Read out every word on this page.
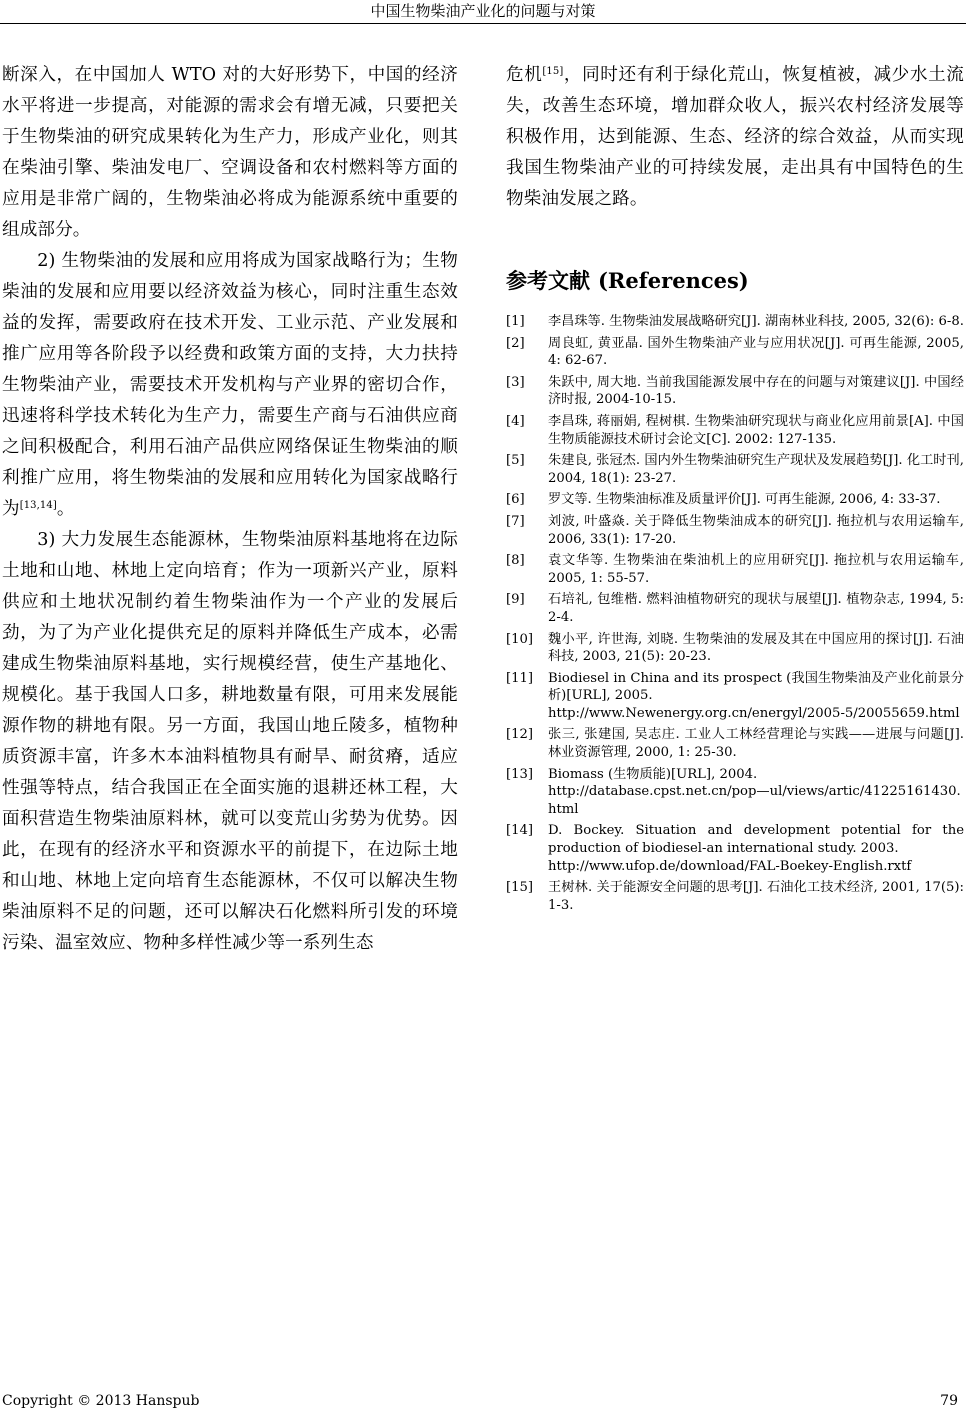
中国生物柴油产业化的问题与对策

断深入，在中国加人 WTO 对的大好形势下，中国的经济水平将进一步提高，对能源的需求会有增无减，只要把关于生物柴油的研究成果转化为生产力，形成产业化，则其在柴油引擎、柴油发电厂、空调设备和农村燃料等方面的应用是非常广阔的，生物柴油必将成为能源系统中重要的组成部分。

2) 生物柴油的发展和应用将成为国家战略行为；生物柴油的发展和应用要以经济效益为核心，同时注重生态效益的发挥，需要政府在技术开发、工业示范、产业发展和推广应用等各阶段予以经费和政策方面的支持，大力扶持生物柴油产业，需要技术开发机构与产业界的密切合作，迅速将科学技术转化为生产力，需要生产商与石油供应商之间积极配合，利用石油产品供应网络保证生物柴油的顺利推广应用，将生物柴油的发展和应用转化为国家战略行为[13,14]。

3) 大力发展生态能源林，生物柴油原料基地将在边际土地和山地、林地上定向培育；作为一项新兴产业，原料供应和土地状况制约着生物柴油作为一个产业的发展后劲，为了为产业化提供充足的原料并降低生产成本，必需建成生物柴油原料基地，实行规模经营，使生产基地化、规模化。基于我国人口多，耕地数量有限，可用来发展能源作物的耕地有限。另一方面，我国山地丘陵多，植物种质资源丰富，许多木本油料植物具有耐旱、耐贫瘠，适应性强等特点，结合我国正在全面实施的退耕还林工程，大面积营造生物柴油原料林，就可以变荒山劣势为优势。因此，在现有的经济水平和资源水平的前提下，在边际土地和山地、林地上定向培育生态能源林，不仅可以解决生物柴油原料不足的问题，还可以解决石化燃料所引发的环境污染、温室效应、物种多样性减少等一系列生态

危机[15]，同时还有利于绿化荒山，恢复植被，减少水土流失，改善生态环境，增加群众收人，振兴农村经济发展等积极作用，达到能源、生态、经济的综合效益，从而实现我国生物柴油产业的可持续发展，走出具有中国特色的生物柴油发展之路。

参考文献 (References)
[1] 李昌珠等. 生物柴油发展战略研究[J]. 湖南林业科技, 2005, 32(6): 6-8.
[2] 周良虹, 黄亚晶. 国外生物柴油产业与应用状况[J]. 可再生能源, 2005, 4: 62-67.
[3] 朱跃中, 周大地. 当前我国能源发展中存在的问题与对策建议[J]. 中国经济时报, 2004-10-15.
[4] 李昌珠, 蒋丽娟, 程树棋. 生物柴油研究现状与商业化应用前景[A]. 中国生物质能源技术研讨会论文[C]. 2002: 127-135.
[5] 朱建良, 张冠杰. 国内外生物柴油研究生产现状及发展趋势[J]. 化工时刊, 2004, 18(1): 23-27.
[6] 罗文等. 生物柴油标准及质量评价[J]. 可再生能源, 2006, 4: 33-37.
[7] 刘波, 叶盛焱. 关于降低生物柴油成本的研究[J]. 拖拉机与农用运输车, 2006, 33(1): 17-20.
[8] 袁文华等. 生物柴油在柴油机上的应用研究[J]. 拖拉机与农用运输车, 2005, 1: 55-57.
[9] 石培礼, 包维楷. 燃料油植物研究的现状与展望[J]. 植物杂志, 1994, 5: 2-4.
[10] 魏小平, 许世海, 刘晓. 生物柴油的发展及其在中国应用的探讨[J]. 石油科技, 2003, 21(5): 20-23.
[11] Biodiesel in China and its prospect (我国生物柴油及产业化前景分析)[URL], 2005.
http://www.Newenergy.org.cn/energyl/2005-5/20055659.html
[12] 张三, 张建国, 吴志庄. 工业人工林经营理论与实践——进展与问题[J]. 林业资源管理, 2000, 1: 25-30.
[13] Biomass (生物质能)[URL], 2004.
http://database.cpst.net.cn/pop—ul/views/artic/41225161430.html
[14] D. Bockey. Situation and development potential for the production of biodiesel-an international study. 2003.
http://www.ufop.de/download/FAL-Boekey-English.rxtf
[15] 王树林. 关于能源安全问题的思考[J]. 石油化工技术经济, 2001, 17(5): 1-3.
Copyright © 2013 Hanspub	79
